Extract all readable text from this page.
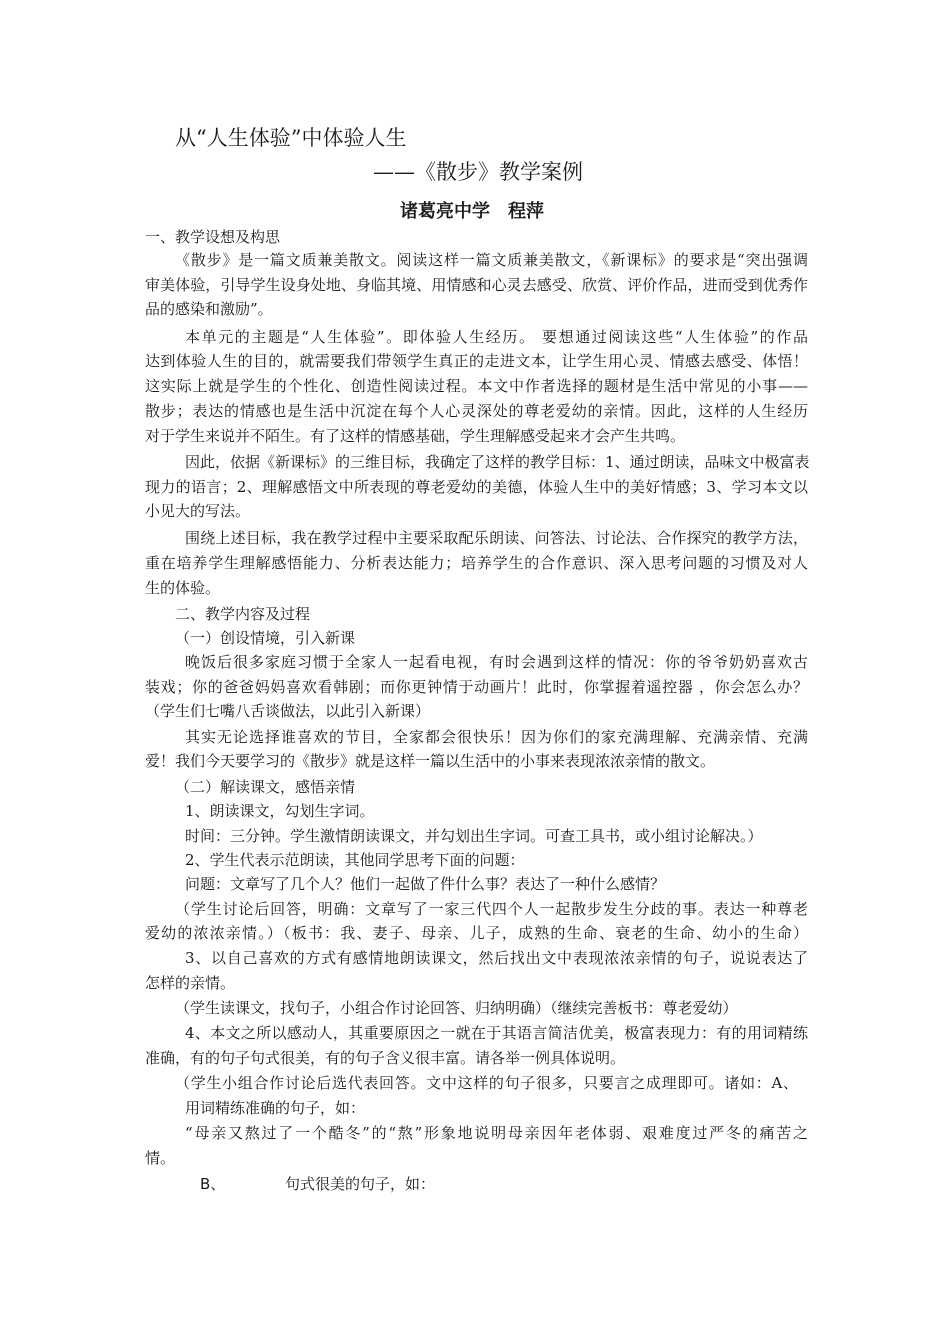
从“人生体验”中体验人生
——《散步》教学案例
诸葛亮中学　程萍
一、教学设想及构思
《散步》是一篇文质兼美散文。阅读这样一篇文质兼美散文，《新课标》的要求是“突出强调
审美体验，引导学生设身处地、身临其境、用情感和心灵去感受、欣赏、评价作品，进而受到优秀作
品的感染和激励”。
本单元的主题是“人生体验”。即体验人生经历。 要想通过阅读这些“人生体验”的作品
达到体验人生的目的，就需要我们带领学生真正的走进文本，让学生用心灵、情感去感受、体悟！
这实际上就是学生的个性化、创造性阅读过程。本文中作者选择的题材是生活中常见的小事——
散步；表达的情感也是生活中沉淀在每个人心灵深处的尊老爱幼的亲情。因此，这样的人生经历
对于学生来说并不陌生。有了这样的情感基础，学生理解感受起来才会产生共鸣。
因此，依据《新课标》的三维目标，我确定了这样的教学目标：1、通过朗读，品味文中极富表
现力的语言；2、理解感悟文中所表现的尊老爱幼的美德，体验人生中的美好情感；3、学习本文以
小见大的写法。
围绕上述目标，我在教学过程中主要采取配乐朗读、问答法、讨论法、合作探究的教学方法，
重在培养学生理解感悟能力、分析表达能力；培养学生的合作意识、深入思考问题的习惯及对人
生的体验。
二、教学内容及过程
（一）创设情境，引入新课
晚饭后很多家庭习惯于全家人一起看电视，有时会遇到这样的情况：你的爷爷奶奶喜欢古
装戏；你的爸爸妈妈喜欢看韩剧；而你更钟情于动画片！此时，你掌握着遥控器 ，你会怎么办？
（学生们七嘴八舌谈做法，以此引入新课）
其实无论选择谁喜欢的节目，全家都会很快乐！因为你们的家充满理解、充满亲情、充满
爱！我们今天要学习的《散步》就是这样一篇以生活中的小事来表现浓浓亲情的散文。
（二）解读课文，感悟亲情
1、朗读课文，勾划生字词。
时间：三分钟。学生激情朗读课文，并勾划出生字词。可查工具书，或小组讨论解决。）
2、学生代表示范朗读，其他同学思考下面的问题：
问题：文章写了几个人？他们一起做了件什么事？表达了一种什么感情？
（学生讨论后回答，明确：文章写了一家三代四个人一起散步发生分歧的事。表达一种尊老
爱幼的浓浓亲情。）（板书：我、妻子、母亲、儿子，成熟的生命、衰老的生命、幼小的生命）
3、以自己喜欢的方式有感情地朗读课文，然后找出文中表现浓浓亲情的句子，说说表达了
怎样的亲情。
（学生读课文，找句子，小组合作讨论回答、归纳明确）（继续完善板书：尊老爱幼）
4、本文之所以感动人，其重要原因之一就在于其语言简洁优美，极富表现力：有的用词精练
准确，有的句子句式很美，有的句子含义很丰富。请各举一例具体说明。
（学生小组合作讨论后选代表回答。文中这样的句子很多，只要言之成理即可。诸如：A、
用词精练准确的句子，如：
“母亲又熬过了一个酷冬”的“熬”形象地说明母亲因年老体弱、艰难度过严冬的痛苦之
情。
B、	句式很美的句子，如：
